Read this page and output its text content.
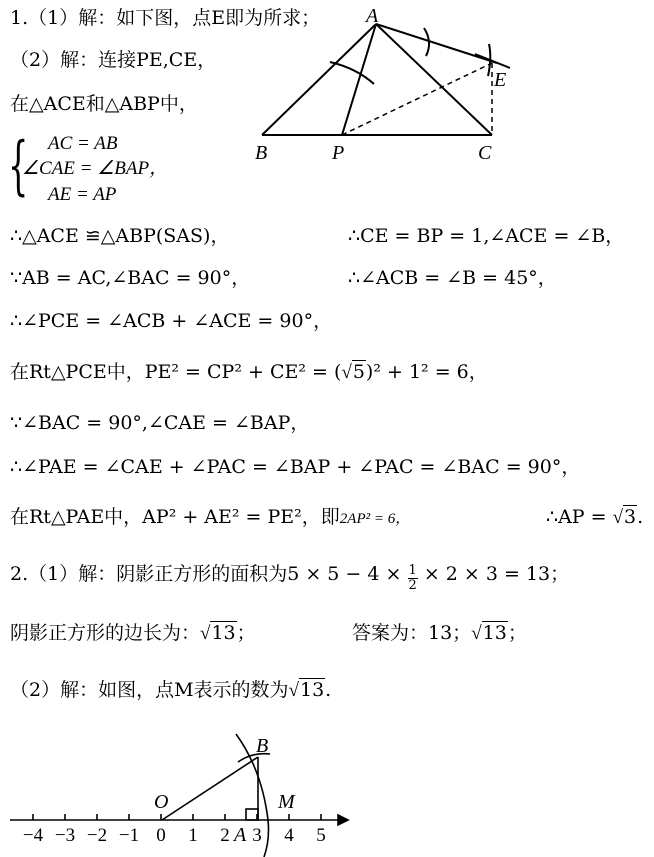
A
E
B	P	C
1.（1）解：如下图，点E即为所求；
（2）解：连接PE,CE，
在△ACE和△ABP中，
{ AC = AB
∠CAE = ∠BAP，
AE = AP
∴△ACE ≌△ABP(SAS)，	∴CE = BP = 1,∠ACE = ∠B，
∵AB = AC,∠BAC = 90°，	∴∠ACB = ∠B = 45°，
∴∠PCE = ∠ACB + ∠ACE = 90°，
在Rt△PCE中，PE² = CP² + CE² = (√5)² + 1² = 6，
∵∠BAC = 90°,∠CAE = ∠BAP，
∴∠PAE = ∠CAE + ∠PAC = ∠BAP + ∠PAC = ∠BAC = 90°，
在Rt△PAE中，AP² + AE² = PE²，即2AP² = 6，	∴AP = √3.
2.（1）解：阴影正方形的面积为$5 \times 5 - 4 \times \frac{1}{2} \times 2 \times 3 = 13$；
阴影正方形的边长为：√13；	答案为：13；√13；
（2）解：如图，点M表示的数为√13.
−4 −3 −2 −1 0 1 2 3 4 5
O
B
M
A
